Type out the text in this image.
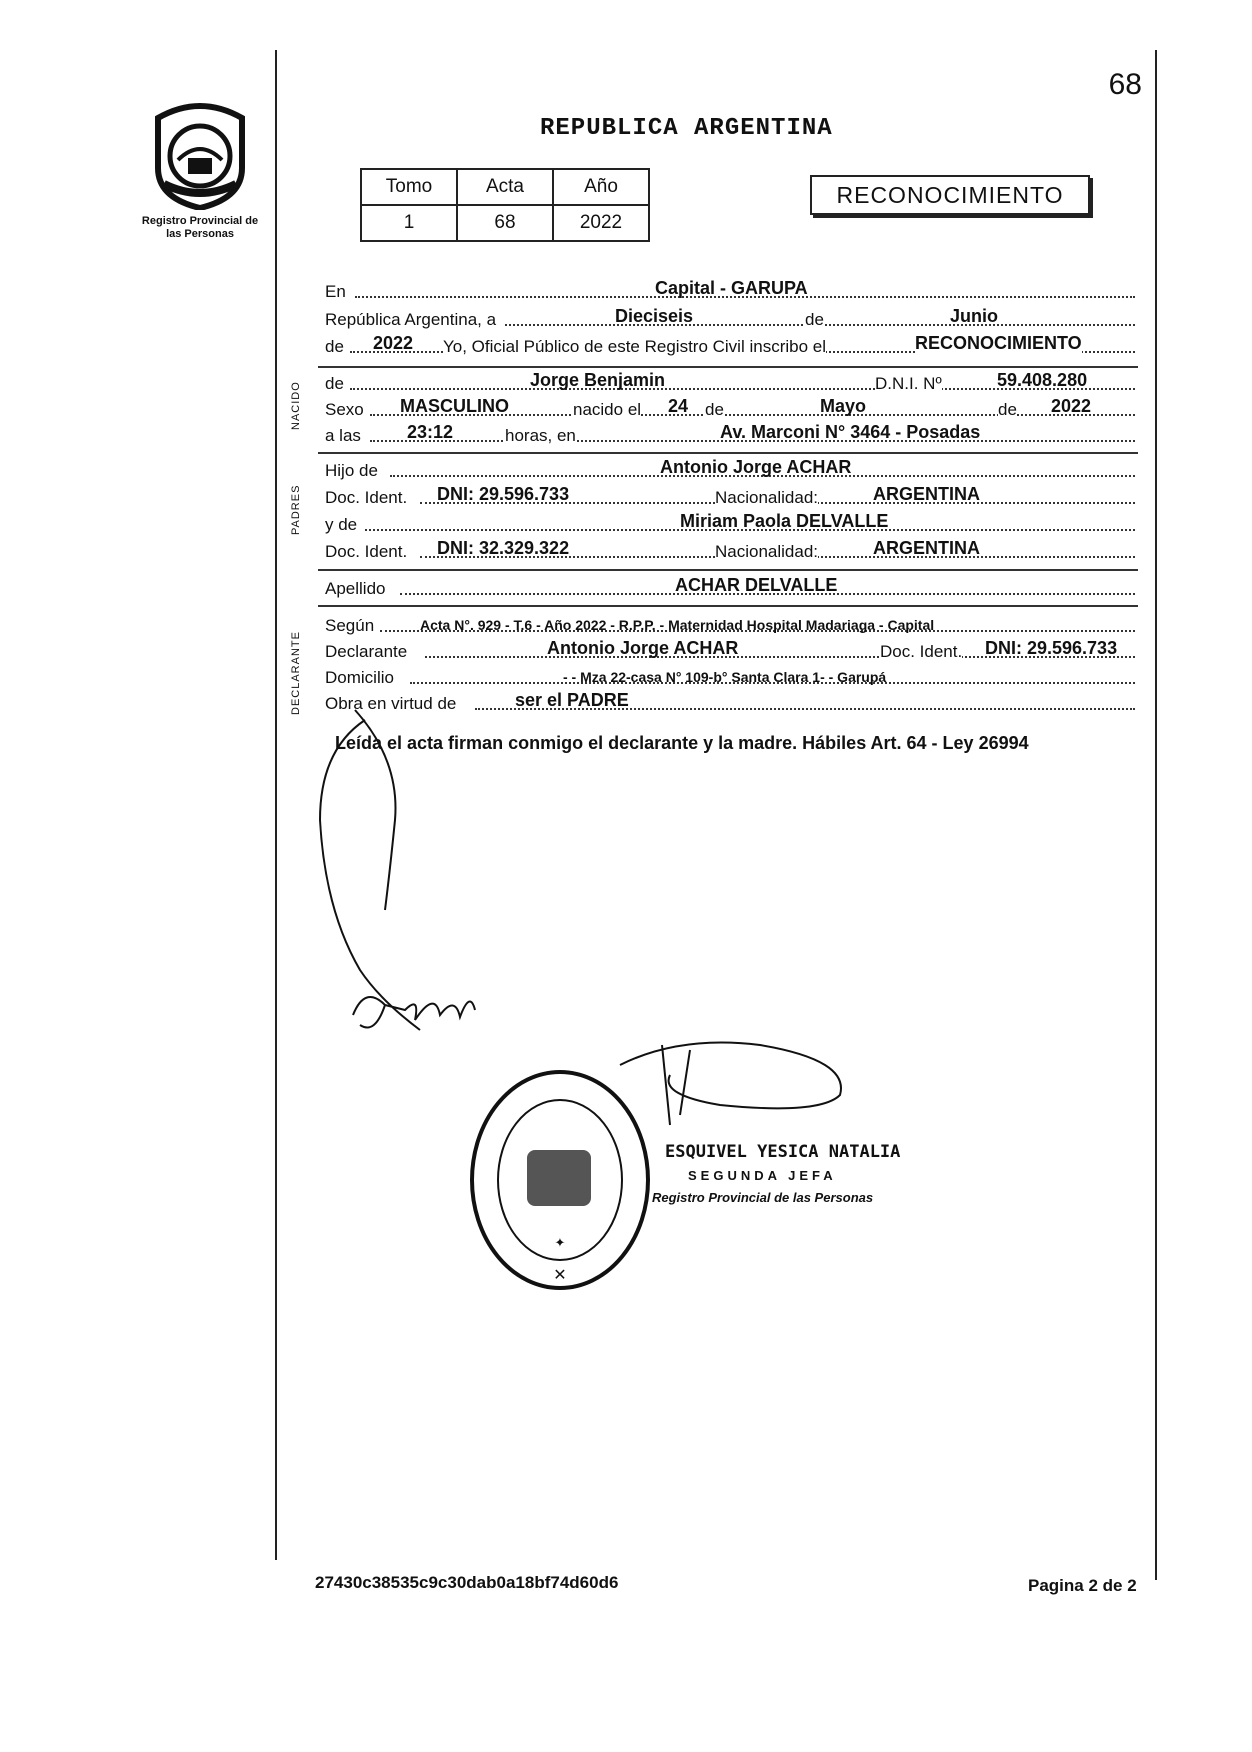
68
Registro Provincial de las Personas
REPUBLICA ARGENTINA
Tomo	Acta	Año
1	68	2022
RECONOCIMIENTO
NACIDO
PADRES
DECLARANTE
En	Capital - GARUPA
República Argentina, a	Dieciseis	de	Junio
de 2022 Yo, Oficial Público de este Registro Civil inscribo el	RECONOCIMIENTO
de	Jorge Benjamin	D.N.I. Nº	59.408.280
Sexo MASCULINO	nacido el 24 de	Mayo	de 2022
a las	23:12	horas, en	Av. Marconi N° 3464 - Posadas
Hijo de	Antonio Jorge ACHAR
Doc. Ident. DNI: 29.596.733	Nacionalidad:	ARGENTINA
y de	Miriam Paola DELVALLE
Doc. Ident. DNI: 32.329.322	Nacionalidad:	ARGENTINA
Apellido	ACHAR DELVALLE
Según	Acta N°. 929 - T.6 - Año 2022 - R.P.P. - Maternidad Hospital Madariaga - Capital
Declarante	Antonio Jorge ACHAR	Doc. Ident. DNI: 29.596.733
Domicilio	- - Mza 22-casa N° 109-b° Santa Clara 1- - Garupá
Obra en virtud de	ser el PADRE
Leída el acta firman conmigo el declarante y la madre. Hábiles Art. 64 - Ley 26994
✦
✕
ESQUIVEL YESICA NATALIA
SEGUNDA JEFA
Registro Provincial de las Personas
27430c38535c9c30dab0a18bf74d60d6	Pagina 2 de 2
